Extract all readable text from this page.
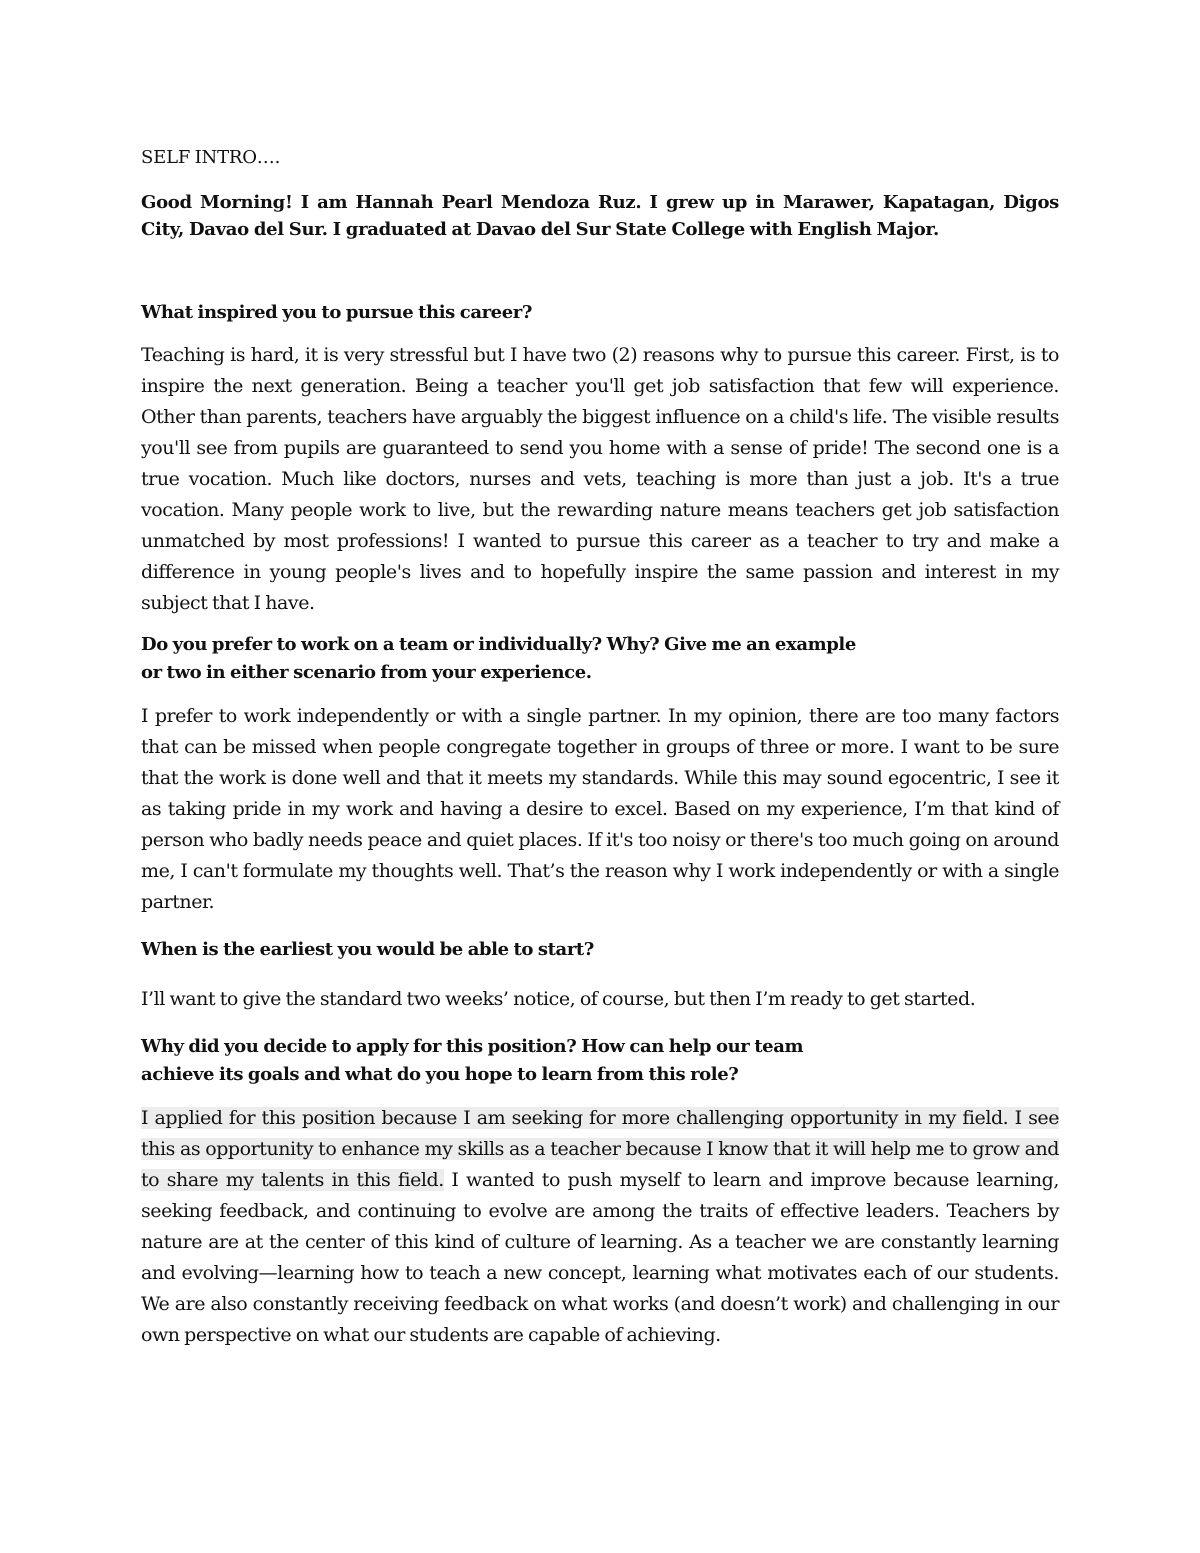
SELF INTRO….

Good Morning! I am Hannah Pearl Mendoza Ruz. I grew up in Marawer, Kapatagan, Digos City, Davao del Sur. I graduated at Davao del Sur State College with English Major.

What inspired you to pursue this career?

Teaching is hard, it is very stressful but I have two (2) reasons why to pursue this career. First, is to inspire the next generation. Being a teacher you'll get job satisfaction that few will experience. Other than parents, teachers have arguably the biggest influence on a child's life. The visible results you'll see from pupils are guaranteed to send you home with a sense of pride! The second one is a true vocation. Much like doctors, nurses and vets, teaching is more than just a job. It's a true vocation. Many people work to live, but the rewarding nature means teachers get job satisfaction unmatched by most professions! I wanted to pursue this career as a teacher to try and make a difference in young people's lives and to hopefully inspire the same passion and interest in my subject that I have.

Do you prefer to work on a team or individually? Why? Give me an example
or two in either scenario from your experience.

I prefer to work independently or with a single partner. In my opinion, there are too many factors that can be missed when people congregate together in groups of three or more. I want to be sure that the work is done well and that it meets my standards. While this may sound egocentric, I see it as taking pride in my work and having a desire to excel. Based on my experience, I’m that kind of person who badly needs peace and quiet places. If it's too noisy or there's too much going on around me, I can't formulate my thoughts well. That’s the reason why I work independently or with a single partner.

When is the earliest you would be able to start?

I’ll want to give the standard two weeks’ notice, of course, but then I’m ready to get started.

Why did you decide to apply for this position? How can help our team
achieve its goals and what do you hope to learn from this role?

I applied for this position because I am seeking for more challenging opportunity in my field. I see this as opportunity to enhance my skills as a teacher because I know that it will help me to grow and to share my talents in this field. I wanted to push myself to learn and improve because learning, seeking feedback, and continuing to evolve are among the traits of effective leaders. Teachers by nature are at the center of this kind of culture of learning. As a teacher we are constantly learning and evolving—learning how to teach a new concept, learning what motivates each of our students. We are also constantly receiving feedback on what works (and doesn’t work) and challenging in our own perspective on what our students are capable of achieving.
